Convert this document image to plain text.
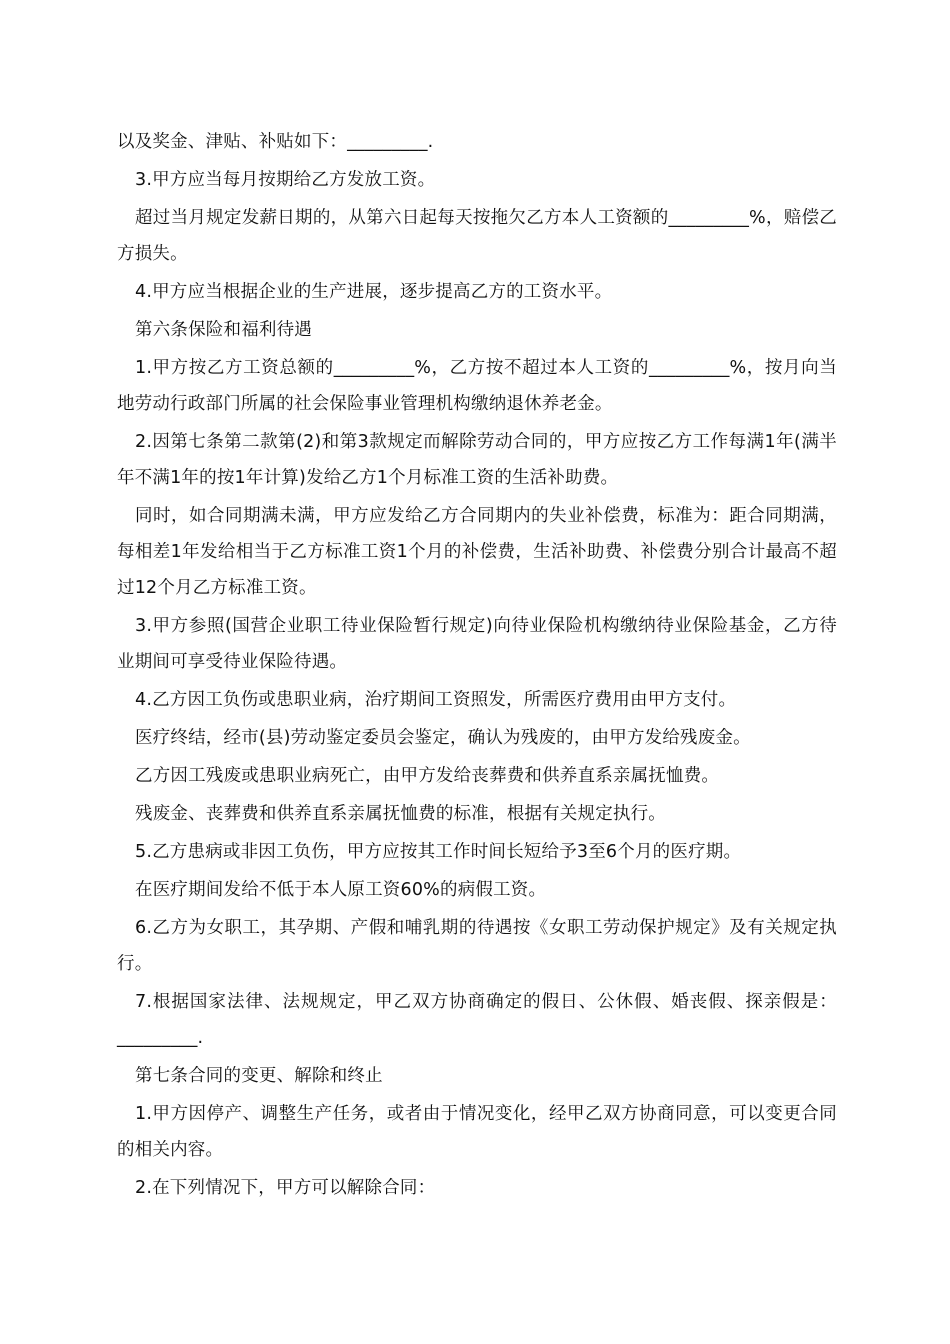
以及奖金、津贴、补贴如下：_________.

3.甲方应当每月按期给乙方发放工资。

超过当月规定发薪日期的，从第六日起每天按拖欠乙方本人工资额的_________%，赔偿乙方损失。

4.甲方应当根据企业的生产进展，逐步提高乙方的工资水平。

第六条保险和福利待遇

1.甲方按乙方工资总额的_________%，乙方按不超过本人工资的_________%，按月向当地劳动行政部门所属的社会保险事业管理机构缴纳退休养老金。

2.因第七条第二款第(2)和第3款规定而解除劳动合同的，甲方应按乙方工作每满1年(满半年不满1年的按1年计算)发给乙方1个月标准工资的生活补助费。

同时，如合同期满未满，甲方应发给乙方合同期内的失业补偿费，标准为：距合同期满，每相差1年发给相当于乙方标准工资1个月的补偿费，生活补助费、补偿费分别合计最高不超过12个月乙方标准工资。

3.甲方参照(国营企业职工待业保险暂行规定)向待业保险机构缴纳待业保险基金，乙方待业期间可享受待业保险待遇。

4.乙方因工负伤或患职业病，治疗期间工资照发，所需医疗费用由甲方支付。

医疗终结，经市(县)劳动鉴定委员会鉴定，确认为残废的，由甲方发给残废金。

乙方因工残废或患职业病死亡，由甲方发给丧葬费和供养直系亲属抚恤费。

残废金、丧葬费和供养直系亲属抚恤费的标准，根据有关规定执行。

5.乙方患病或非因工负伤，甲方应按其工作时间长短给予3至6个月的医疗期。

在医疗期间发给不低于本人原工资60%的病假工资。

6.乙方为女职工，其孕期、产假和哺乳期的待遇按《女职工劳动保护规定》及有关规定执行。

7.根据国家法律、法规规定，甲乙双方协商确定的假日、公休假、婚丧假、探亲假是：_________.

第七条合同的变更、解除和终止

1.甲方因停产、调整生产任务，或者由于情况变化，经甲乙双方协商同意，可以变更合同的相关内容。

2.在下列情况下，甲方可以解除合同：
